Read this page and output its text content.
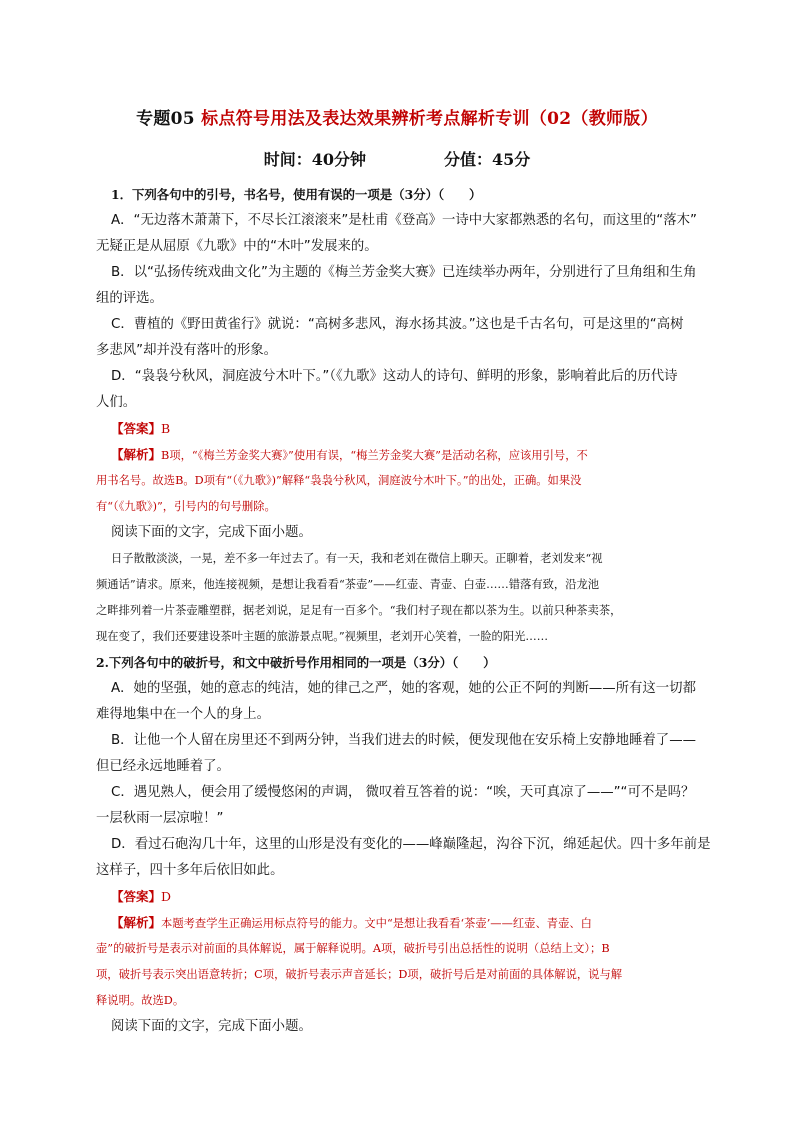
专题05 标点符号用法及表达效果辨析考点解析专训（02（教师版）
时间：40分钟	分值：45分
1．下列各句中的引号，书名号，使用有误的一项是（3分）（　　）
A．“无边落木萧萧下，不尽长江滚滚来”是杜甫《登高》一诗中大家都熟悉的名句，而这里的“落木”
无疑正是从屈原《九歌》中的“木叶”发展来的。
B．以“弘扬传统戏曲文化”为主题的《梅兰芳金奖大赛》已连续举办两年，分别进行了旦角组和生角
组的评选。
C．曹植的《野田黄雀行》就说：“高树多悲风，海水扬其波。”这也是千古名句，可是这里的“高树
多悲风”却并没有落叶的形象。
D．“袅袅兮秋风，洞庭波兮木叶下。”（《九歌》这动人的诗句、鲜明的形象，影响着此后的历代诗
人们。
【答案】B
【解析】B项，“《梅兰芳金奖大赛》”使用有误，“梅兰芳金奖大赛”是活动名称，应该用引号，不
用书名号。故选B。D项有“（《九歌》)”解释“袅袅兮秋风，洞庭波兮木叶下。”的出处，正确。如果没
有“（《九歌》)”，引号内的句号删除。
阅读下面的文字，完成下面小题。
日子散散淡淡，一晃，差不多一年过去了。有一天，我和老刘在微信上聊天。正聊着，老刘发来“视
频通话”请求。原来，他连接视频，是想让我看看“茶壶”——红壶、青壶、白壶……错落有致，沿龙池
之畔排列着一片茶壶雕塑群，据老刘说，足足有一百多个。“我们村子现在都以茶为生。以前只种茶卖茶，
现在变了，我们还要建设茶叶主题的旅游景点呢。”视频里，老刘开心笑着，一脸的阳光……
2.下列各句中的破折号，和文中破折号作用相同的一项是（3分）（　　）
A．她的坚强，她的意志的纯洁，她的律己之严，她的客观，她的公正不阿的判断——所有这一切都
难得地集中在一个人的身上。
B．让他一个人留在房里还不到两分钟，当我们进去的时候，便发现他在安乐椅上安静地睡着了——
但已经永远地睡着了。
C．遇见熟人，便会用了缓慢悠闲的声调， 微叹着互答着的说：“唉，天可真凉了——”“可不是吗？
一层秋雨一层凉啦！”
D．看过石砲沟几十年，这里的山形是没有变化的——峰巅隆起，沟谷下沉，绵延起伏。四十多年前是
这样子，四十多年后依旧如此。
【答案】D
【解析】本题考查学生正确运用标点符号的能力。文中“是想让我看看‘茶壶’——红壶、青壶、白
壶”的破折号是表示对前面的具体解说，属于解释说明。A项，破折号引出总括性的说明（总结上文）；B
项，破折号表示突出语意转折；C项，破折号表示声音延长；D项，破折号后是对前面的具体解说，说与解
释说明。故选D。
阅读下面的文字，完成下面小题。
